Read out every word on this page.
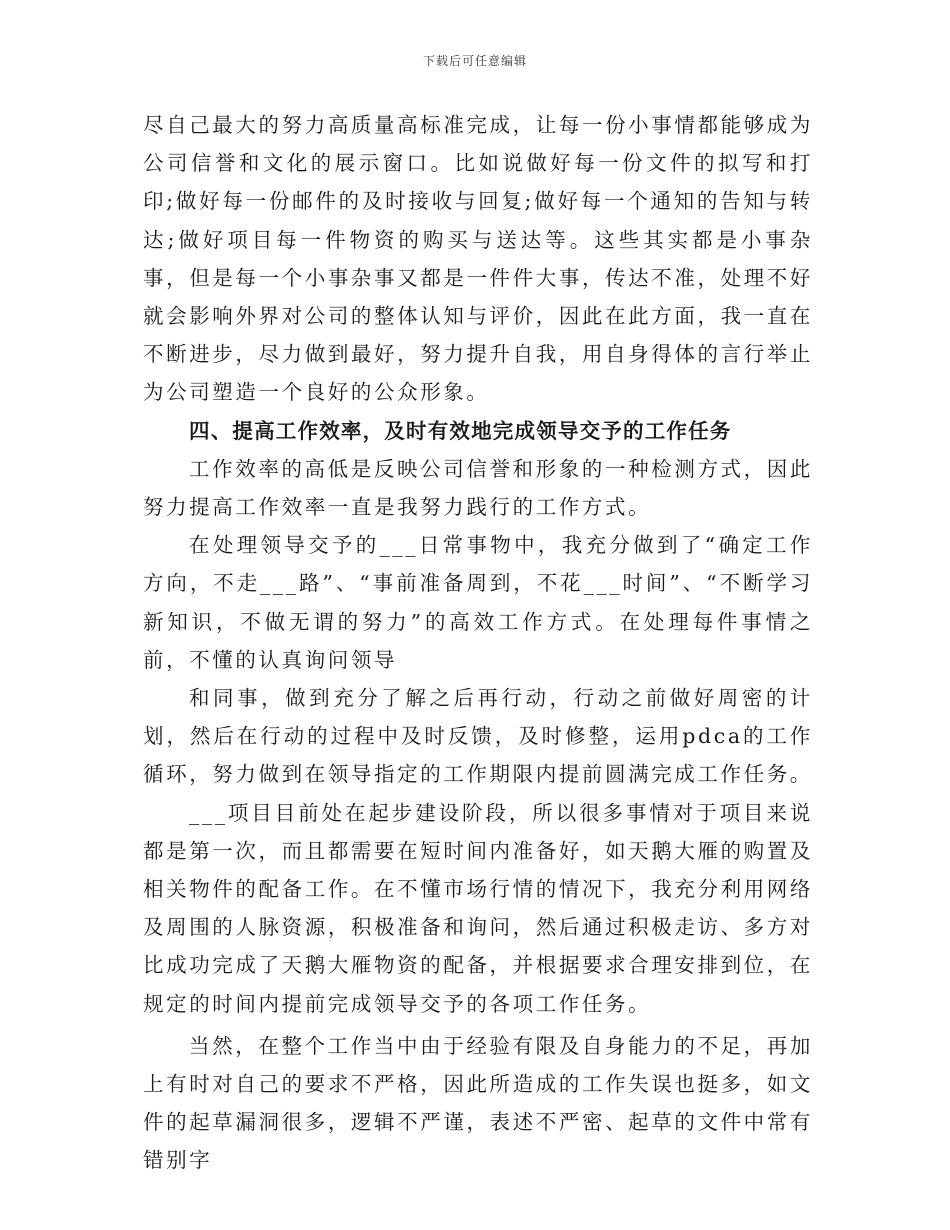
下载后可任意编辑

尽自己最大的努力高质量高标准完成，让每一份小事情都能够成为公司信誉和文化的展示窗口。比如说做好每一份文件的拟写和打印;做好每一份邮件的及时接收与回复;做好每一个通知的告知与转达;做好项目每一件物资的购买与送达等。这些其实都是小事杂事，但是每一个小事杂事又都是一件件大事，传达不准，处理不好就会影响外界对公司的整体认知与评价，因此在此方面，我一直在不断进步，尽力做到最好，努力提升自我，用自身得体的言行举止为公司塑造一个良好的公众形象。

四、提高工作效率，及时有效地完成领导交予的工作任务

工作效率的高低是反映公司信誉和形象的一种检测方式，因此努力提高工作效率一直是我努力践行的工作方式。

在处理领导交予的___日常事物中，我充分做到了“确定工作方向，不走___路”、“事前准备周到，不花___时间”、“不断学习新知识，不做无谓的努力”的高效工作方式。在处理每件事情之前，不懂的认真询问领导

和同事，做到充分了解之后再行动，行动之前做好周密的计划，然后在行动的过程中及时反馈，及时修整，运用pdca的工作循环，努力做到在领导指定的工作期限内提前圆满完成工作任务。

___项目目前处在起步建设阶段，所以很多事情对于项目来说都是第一次，而且都需要在短时间内准备好，如天鹅大雁的购置及相关物件的配备工作。在不懂市场行情的情况下，我充分利用网络及周围的人脉资源，积极准备和询问，然后通过积极走访、多方对比成功完成了天鹅大雁物资的配备，并根据要求合理安排到位，在规定的时间内提前完成领导交予的各项工作任务。

当然，在整个工作当中由于经验有限及自身能力的不足，再加上有时对自己的要求不严格，因此所造成的工作失误也挺多，如文件的起草漏洞很多，逻辑不严谨，表述不严密、起草的文件中常有错别字
